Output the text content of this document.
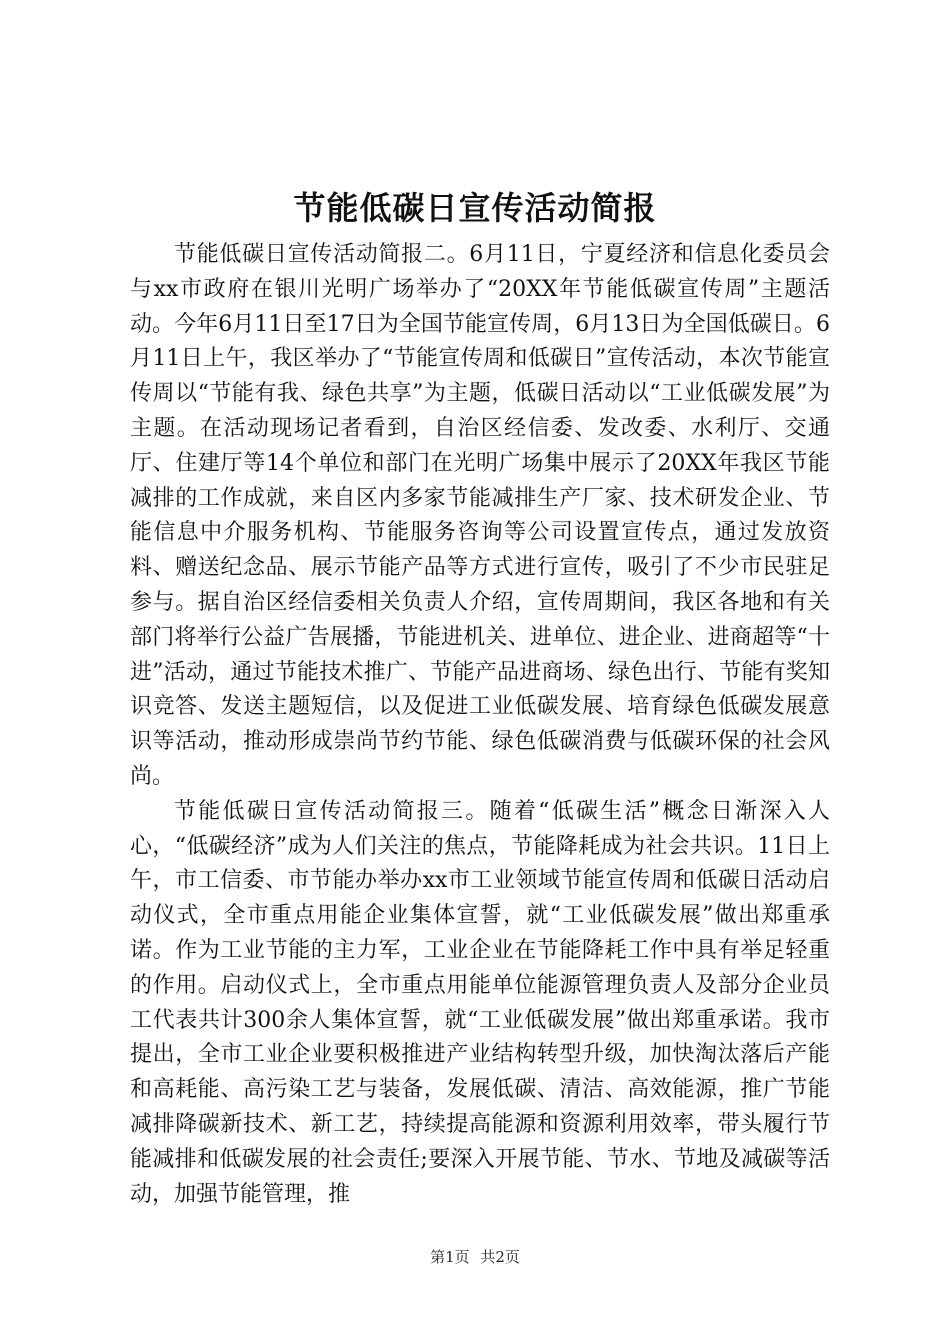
节能低碳日宣传活动简报

节能低碳日宣传活动简报二。6月11日，宁夏经济和信息化委员会与xx市政府在银川光明广场举办了“20XX年节能低碳宣传周”主题活动。今年6月11日至17日为全国节能宣传周，6月13日为全国低碳日。6月11日上午，我区举办了“节能宣传周和低碳日”宣传活动，本次节能宣传周以“节能有我、绿色共享”为主题，低碳日活动以“工业低碳发展”为主题。在活动现场记者看到，自治区经信委、发改委、水利厅、交通厅、住建厅等14个单位和部门在光明广场集中展示了20XX年我区节能减排的工作成就，来自区内多家节能减排生产厂家、技术研发企业、节能信息中介服务机构、节能服务咨询等公司设置宣传点，通过发放资料、赠送纪念品、展示节能产品等方式进行宣传，吸引了不少市民驻足参与。据自治区经信委相关负责人介绍，宣传周期间，我区各地和有关部门将举行公益广告展播，节能进机关、进单位、进企业、进商超等“十进”活动，通过节能技术推广、节能产品进商场、绿色出行、节能有奖知识竞答、发送主题短信，以及促进工业低碳发展、培育绿色低碳发展意识等活动，推动形成崇尚节约节能、绿色低碳消费与低碳环保的社会风尚。

节能低碳日宣传活动简报三。随着“低碳生活”概念日渐深入人心，“低碳经济”成为人们关注的焦点，节能降耗成为社会共识。11日上午，市工信委、市节能办举办xx市工业领域节能宣传周和低碳日活动启动仪式，全市重点用能企业集体宣誓，就“工业低碳发展”做出郑重承诺。作为工业节能的主力军，工业企业在节能降耗工作中具有举足轻重的作用。启动仪式上，全市重点用能单位能源管理负责人及部分企业员工代表共计300余人集体宣誓，就“工业低碳发展”做出郑重承诺。我市提出，全市工业企业要积极推进产业结构转型升级，加快淘汰落后产能和高耗能、高污染工艺与装备，发展低碳、清洁、高效能源，推广节能减排降碳新技术、新工艺，持续提高能源和资源利用效率，带头履行节能减排和低碳发展的社会责任;要深入开展节能、节水、节地及减碳等活动，加强节能管理，推

第1页 共2页
